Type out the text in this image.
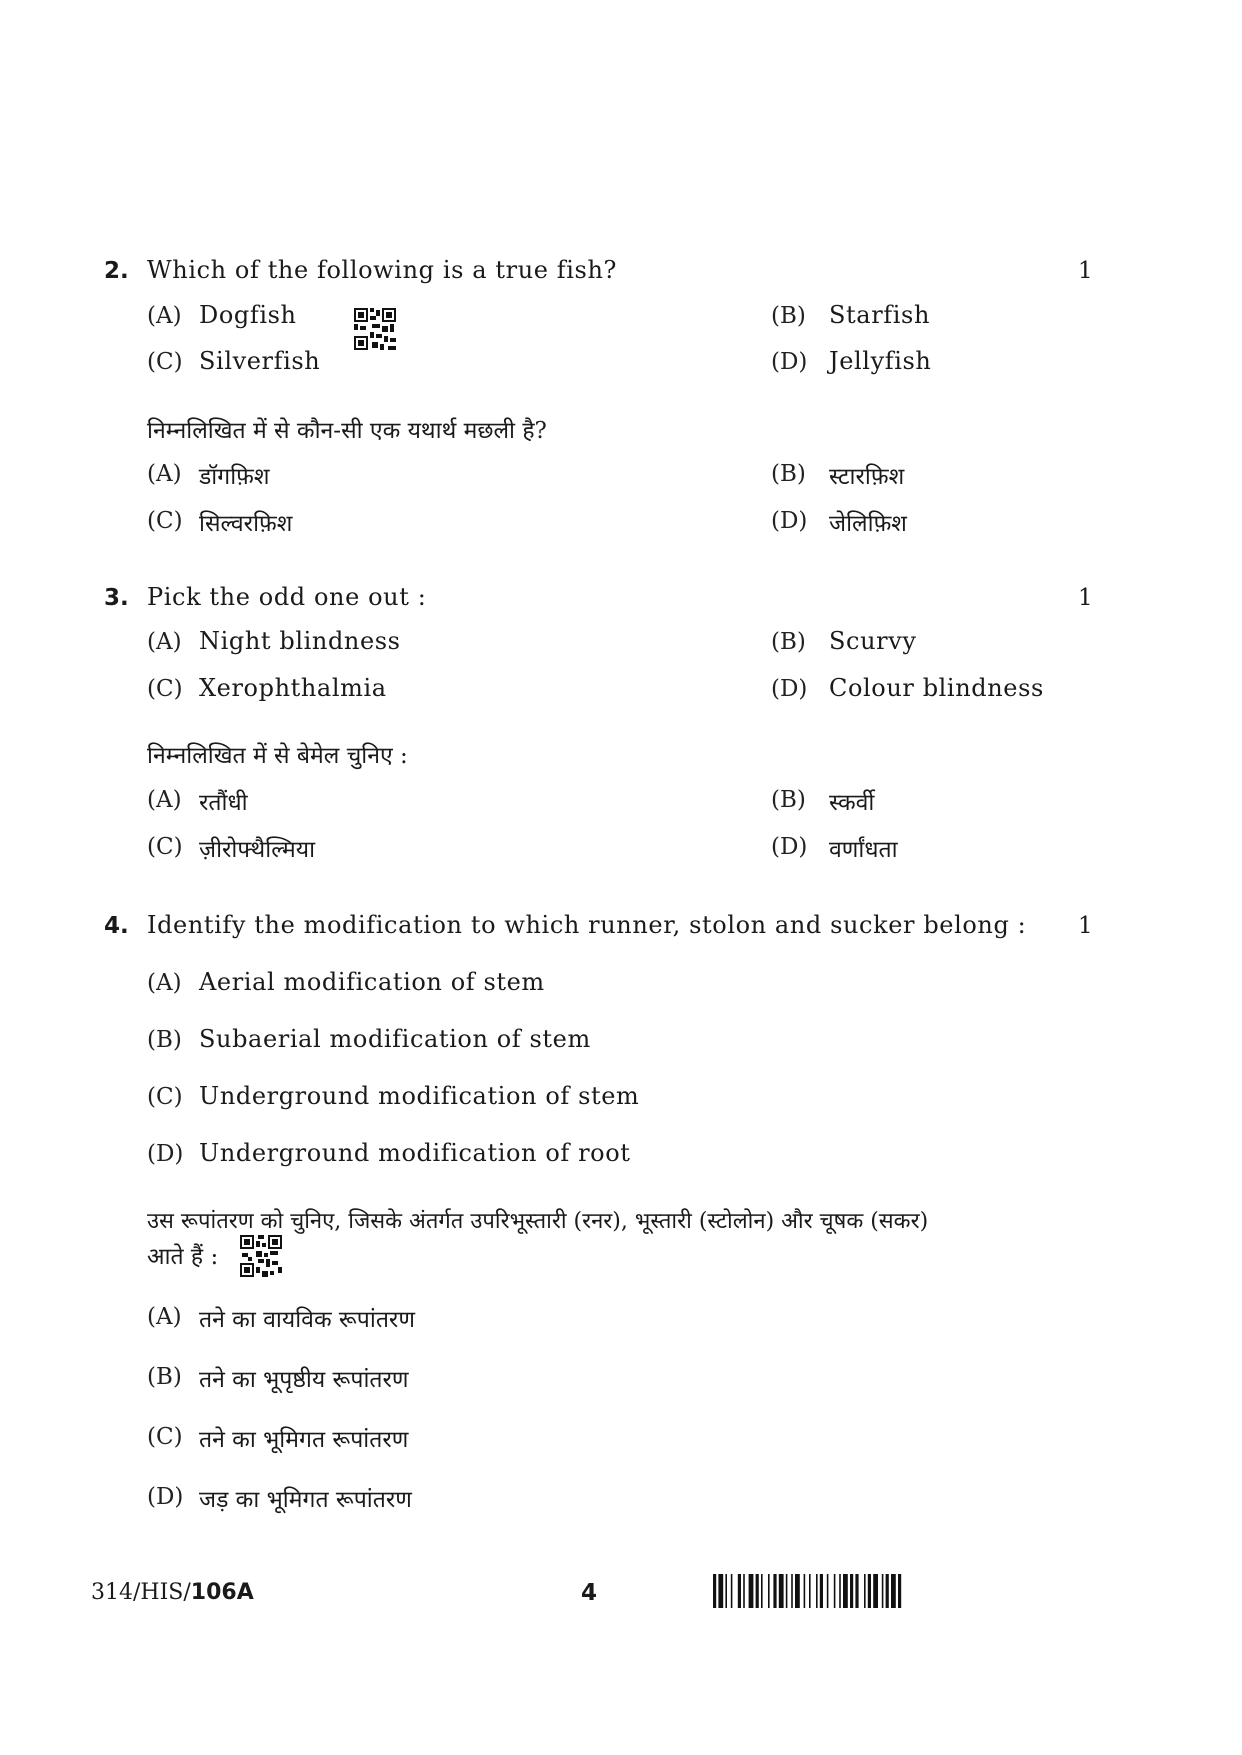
2. Which of the following is a true fish?	1
(A) Dogfish	(B) Starfish
(C) Silverfish	(D) Jellyfish
निम्नलिखित में से कौन-सी एक यथार्थ मछली है?
(A) डॉगफ़िश	(B) स्टारफ़िश
(C) सिल्वरफ़िश	(D) जेलिफ़िश
3. Pick the odd one out :	1
(A) Night blindness	(B) Scurvy
(C) Xerophthalmia	(D) Colour blindness
निम्नलिखित में से बेमेल चुनिए :
(A) रतौंधी	(B) स्कर्वी
(C) ज़ीरोफ्थैल्मिया	(D) वर्णांधता
4. Identify the modification to which runner, stolon and sucker belong : 1
(A) Aerial modification of stem
(B) Subaerial modification of stem
(C) Underground modification of stem
(D) Underground modification of root
उस रूपांतरण को चुनिए, जिसके अंतर्गत उपरिभूस्तारी (रनर), भूस्तारी (स्टोलोन) और चूषक (सकर)
आते हैं :
(A) तने का वायविक रूपांतरण
(B) तने का भूपृष्ठीय रूपांतरण
(C) तने का भूमिगत रूपांतरण
(D) जड़ का भूमिगत रूपांतरण
314/HIS/106A	4
